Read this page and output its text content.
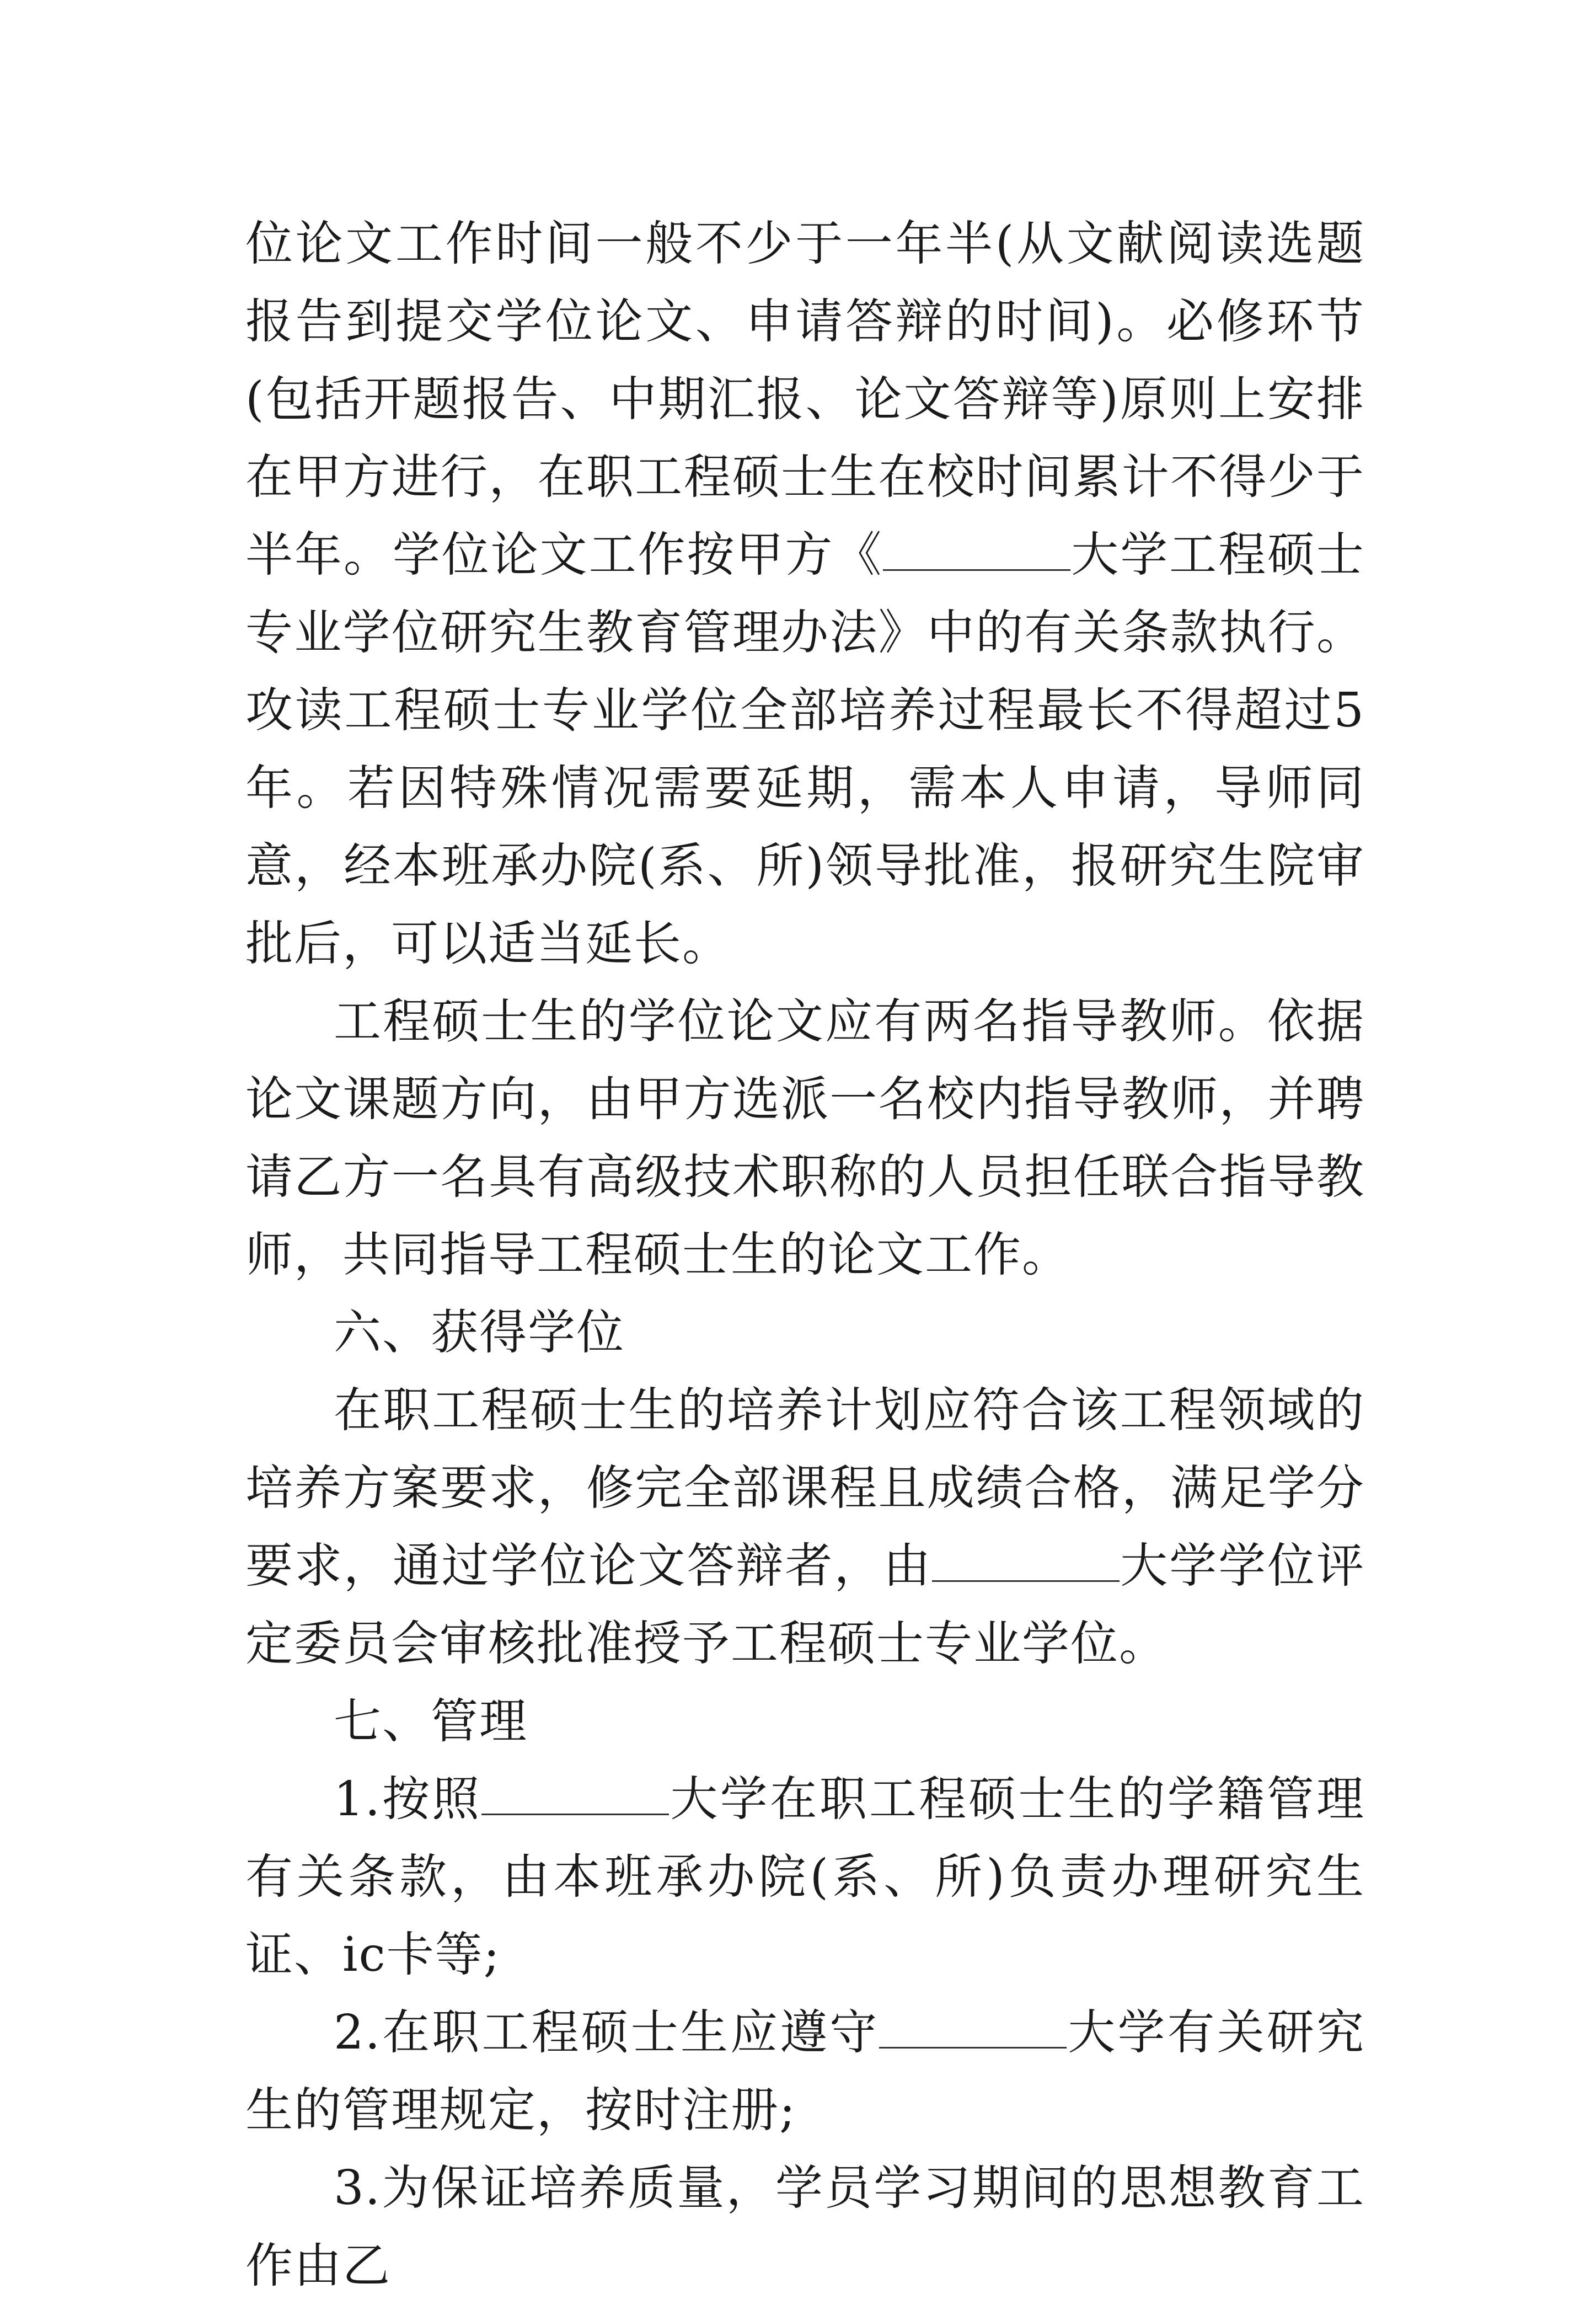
位论文工作时间一般不少于一年半(从文献阅读选题报告到提交学位论文、申请答辩的时间)。必修环节(包括开题报告、中期汇报、论文答辩等)原则上安排在甲方进行，在职工程硕士生在校时间累计不得少于半年。学位论文工作按甲方《	大学工程硕士专业学位研究生教育管理办法》中的有关条款执行。攻读工程硕士专业学位全部培养过程最长不得超过5年。若因特殊情况需要延期，需本人申请，导师同意，经本班承办院(系、所)领导批准，报研究生院审批后，可以适当延长。

工程硕士生的学位论文应有两名指导教师。依据论文课题方向，由甲方选派一名校内指导教师，并聘请乙方一名具有高级技术职称的人员担任联合指导教师，共同指导工程硕士生的论文工作。

六、获得学位

在职工程硕士生的培养计划应符合该工程领域的培养方案要求，修完全部课程且成绩合格，满足学分要求，通过学位论文答辩者，由	大学学位评定委员会审核批准授予工程硕士专业学位。

七、管理

1.按照	大学在职工程硕士生的学籍管理有关条款，由本班承办院(系、所)负责办理研究生证、ic卡等;

2.在职工程硕士生应遵守	大学有关研究生的管理规定，按时注册;

3.为保证培养质量，学员学习期间的思想教育工作由乙
